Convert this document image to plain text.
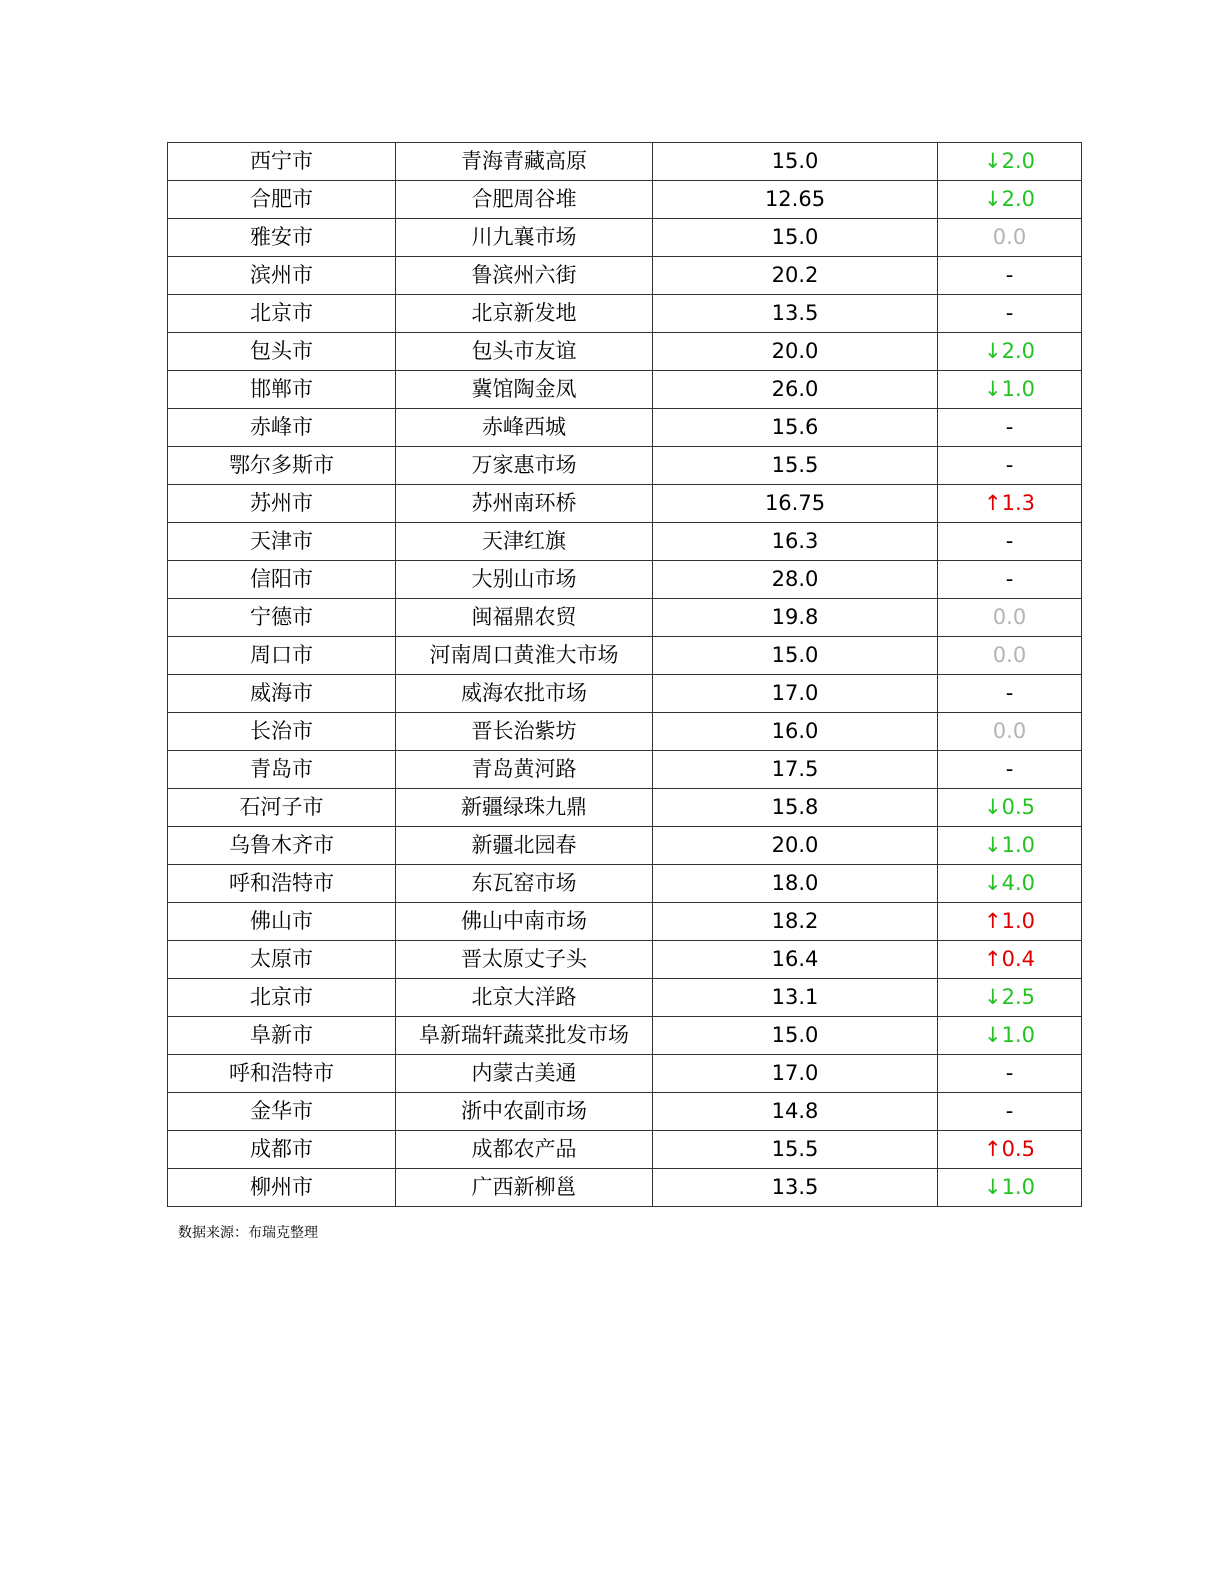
西宁市	青海青藏高原	15.0	↓2.0
合肥市	合肥周谷堆	12.65	↓2.0
雅安市	川九襄市场	15.0	0.0
滨州市	鲁滨州六街	20.2	-
北京市	北京新发地	13.5	-
包头市	包头市友谊	20.0	↓2.0
邯郸市	冀馆陶金凤	26.0	↓1.0
赤峰市	赤峰西城	15.6	-
鄂尔多斯市	万家惠市场	15.5	-
苏州市	苏州南环桥	16.75	↑1.3
天津市	天津红旗	16.3	-
信阳市	大别山市场	28.0	-
宁德市	闽福鼎农贸	19.8	0.0
周口市	河南周口黄淮大市场	15.0	0.0
威海市	威海农批市场	17.0	-
长治市	晋长治紫坊	16.0	0.0
青岛市	青岛黄河路	17.5	-
石河子市	新疆绿珠九鼎	15.8	↓0.5
乌鲁木齐市	新疆北园春	20.0	↓1.0
呼和浩特市	东瓦窑市场	18.0	↓4.0
佛山市	佛山中南市场	18.2	↑1.0
太原市	晋太原丈子头	16.4	↑0.4
北京市	北京大洋路	13.1	↓2.5
阜新市	阜新瑞轩蔬菜批发市场	15.0	↓1.0
呼和浩特市	内蒙古美通	17.0	-
金华市	浙中农副市场	14.8	-
成都市	成都农产品	15.5	↑0.5
柳州市	广西新柳邕	13.5	↓1.0
数据来源：布瑞克整理
